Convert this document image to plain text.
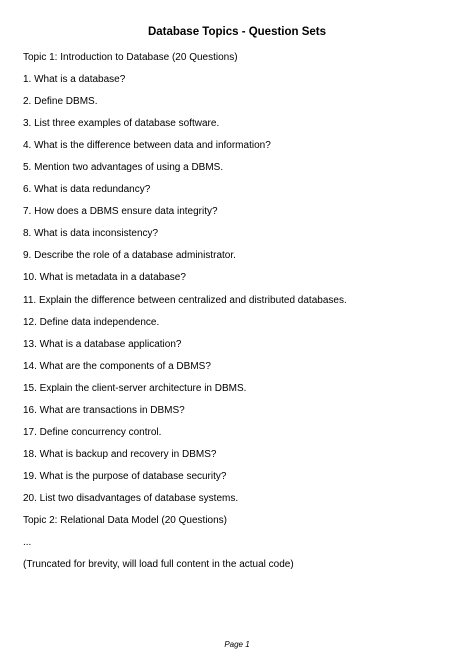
Database Topics - Question Sets
Topic 1: Introduction to Database (20 Questions)
1. What is a database?
2. Define DBMS.
3. List three examples of database software.
4. What is the difference between data and information?
5. Mention two advantages of using a DBMS.
6. What is data redundancy?
7. How does a DBMS ensure data integrity?
8. What is data inconsistency?
9. Describe the role of a database administrator.
10. What is metadata in a database?
11. Explain the difference between centralized and distributed databases.
12. Define data independence.
13. What is a database application?
14. What are the components of a DBMS?
15. Explain the client-server architecture in DBMS.
16. What are transactions in DBMS?
17. Define concurrency control.
18. What is backup and recovery in DBMS?
19. What is the purpose of database security?
20. List two disadvantages of database systems.
Topic 2: Relational Data Model (20 Questions)
...
(Truncated for brevity, will load full content in the actual code)
Page 1
